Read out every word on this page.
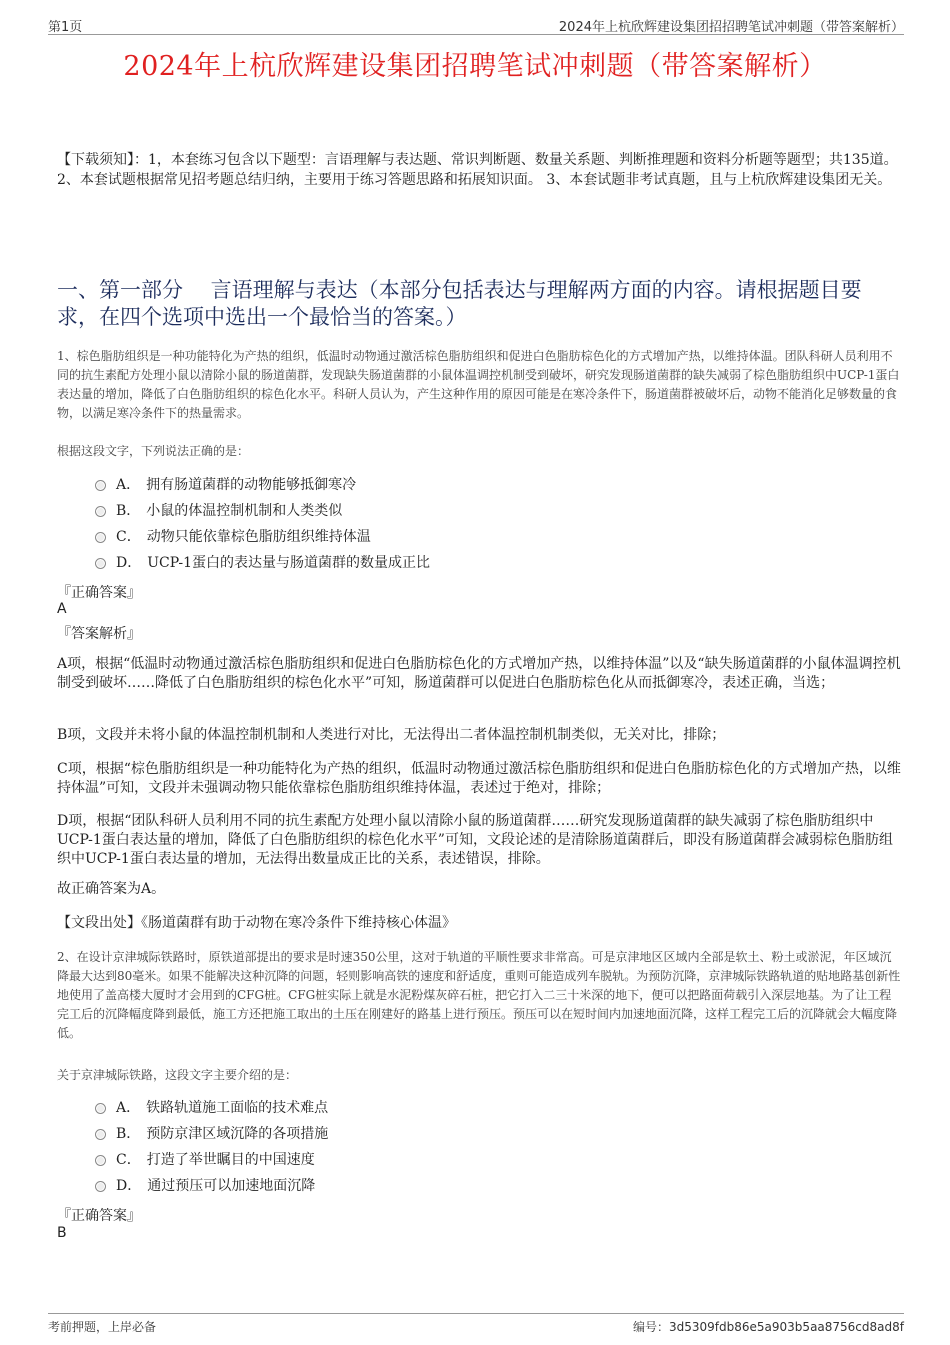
第1页	2024年上杭欣辉建设集团招招聘笔试冲刺题（带答案解析）
2024年上杭欣辉建设集团招聘笔试冲刺题（带答案解析）
【下载须知】：1，本套练习包含以下题型：言语理解与表达题、常识判断题、数量关系题、判断推理题和资料分析题等题型；共135道。 2、本套试题根据常见招考题总结归纳，主要用于练习答题思路和拓展知识面。 3、本套试题非考试真题，且与上杭欣辉建设集团无关。
一、第一部分　 言语理解与表达（本部分包括表达与理解两方面的内容。请根据题目要求，在四个选项中选出一个最恰当的答案。）
1、棕色脂肪组织是一种功能特化为产热的组织，低温时动物通过激活棕色脂肪组织和促进白色脂肪棕色化的方式增加产热，以维持体温。团队科研人员利用不同的抗生素配方处理小鼠以清除小鼠的肠道菌群，发现缺失肠道菌群的小鼠体温调控机制受到破坏，研究发现肠道菌群的缺失减弱了棕色脂肪组织中UCP-1蛋白表达量的增加，降低了白色脂肪组织的棕色化水平。科研人员认为，产生这种作用的原因可能是在寒冷条件下，肠道菌群被破坏后，动物不能消化足够数量的食物，以满足寒冷条件下的热量需求。
根据这段文字，下列说法正确的是：
A． 拥有肠道菌群的动物能够抵御寒冷
B． 小鼠的体温控制机制和人类类似
C． 动物只能依靠棕色脂肪组织维持体温
D． UCP-1蛋白的表达量与肠道菌群的数量成正比
『正确答案』
A
『答案解析』
A项，根据“低温时动物通过激活棕色脂肪组织和促进白色脂肪棕色化的方式增加产热，以维持体温”以及“缺失肠道菌群的小鼠体温调控机制受到破坏……降低了白色脂肪组织的棕色化水平”可知，肠道菌群可以促进白色脂肪棕色化从而抵御寒冷，表述正确，当选；
B项，文段并未将小鼠的体温控制机制和人类进行对比，无法得出二者体温控制机制类似，无关对比，排除；
C项，根据“棕色脂肪组织是一种功能特化为产热的组织，低温时动物通过激活棕色脂肪组织和促进白色脂肪棕色化的方式增加产热，以维持体温”可知，文段并未强调动物只能依靠棕色脂肪组织维持体温，表述过于绝对，排除；
D项，根据“团队科研人员利用不同的抗生素配方处理小鼠以清除小鼠的肠道菌群……研究发现肠道菌群的缺失减弱了棕色脂肪组织中UCP-1蛋白表达量的增加，降低了白色脂肪组织的棕色化水平”可知，文段论述的是清除肠道菌群后，即没有肠道菌群会减弱棕色脂肪组织中UCP-1蛋白表达量的增加，无法得出数量成正比的关系，表述错误，排除。
故正确答案为A。
【文段出处】《肠道菌群有助于动物在寒冷条件下维持核心体温》
2、在设计京津城际铁路时，原铁道部提出的要求是时速350公里，这对于轨道的平顺性要求非常高。可是京津地区区域内全部是软土、粉土或淤泥，年区域沉降最大达到80毫米。如果不能解决这种沉降的问题，轻则影响高铁的速度和舒适度，重则可能造成列车脱轨。为预防沉降，京津城际铁路轨道的贴地路基创新性地使用了盖高楼大厦时才会用到的CFG桩。CFG桩实际上就是水泥粉煤灰碎石桩，把它打入二三十米深的地下，便可以把路面荷载引入深层地基。为了让工程完工后的沉降幅度降到最低，施工方还把施工取出的土压在刚建好的路基上进行预压。预压可以在短时间内加速地面沉降，这样工程完工后的沉降就会大幅度降低。
关于京津城际铁路，这段文字主要介绍的是：
A． 铁路轨道施工面临的技术难点
B． 预防京津区域沉降的各项措施
C． 打造了举世瞩目的中国速度
D． 通过预压可以加速地面沉降
『正确答案』
B
考前押题，上岸必备	编号：3d5309fdb86e5a903b5aa8756cd8ad8f
